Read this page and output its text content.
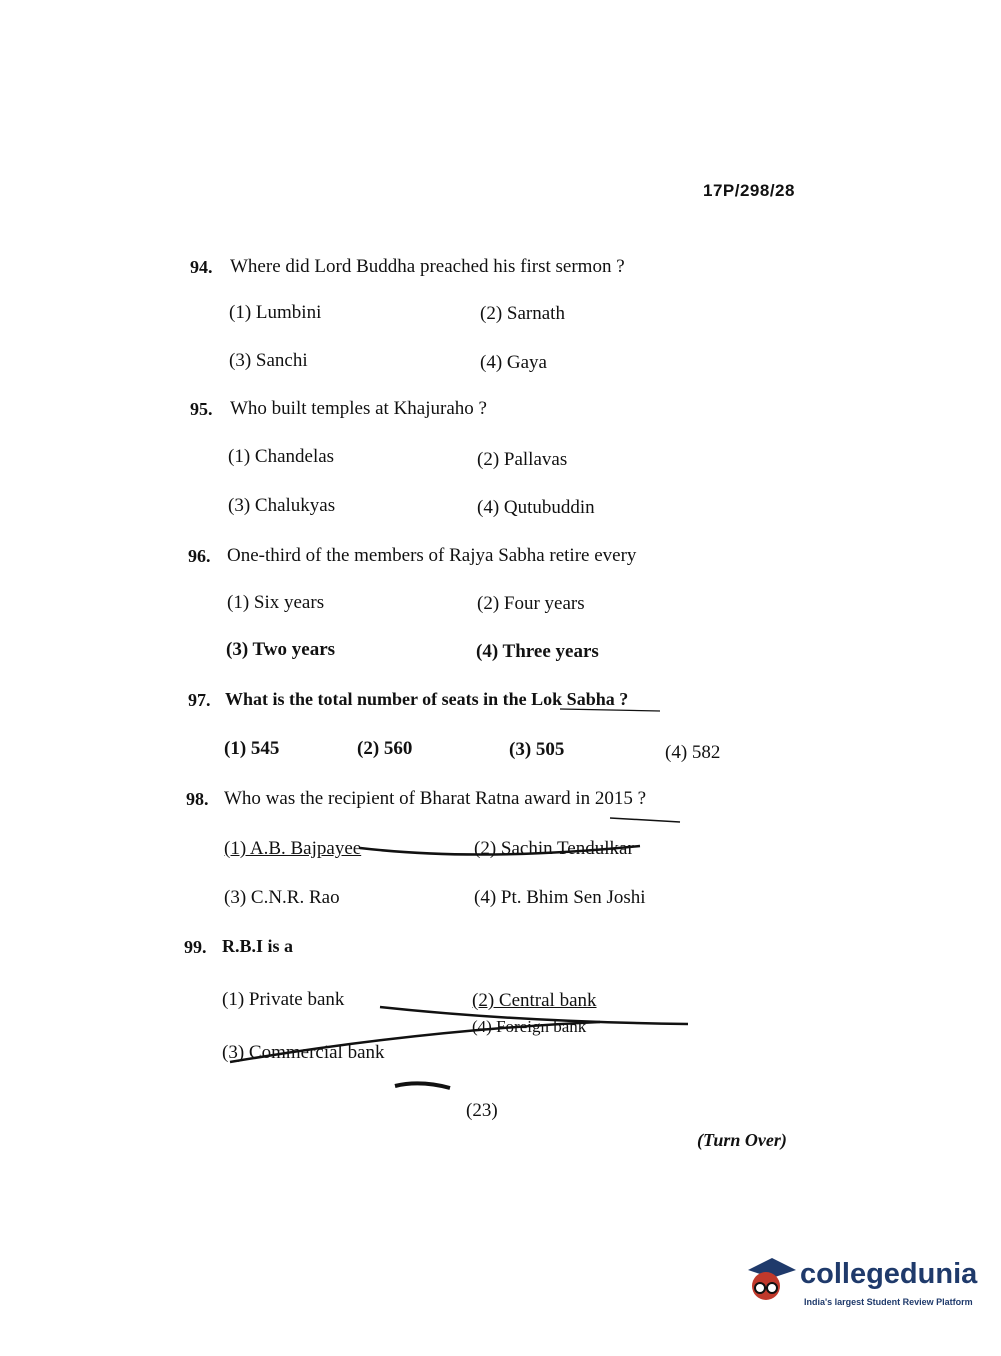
17P/298/28
94. Where did Lord Buddha preached his first sermon ?
(1) Lumbini	(2) Sarnath
(3) Sanchi	(4) Gaya
95. Who built temples at Khajuraho ?
(1) Chandelas	(2) Pallavas
(3) Chalukyas	(4) Qutubuddin
96. One-third of the members of Rajya Sabha retire every
(1) Six years	(2) Four years
(3) Two years	(4) Three years
97. What is the total number of seats in the Lok Sabha ?
(1) 545	(2) 560	(3) 505	(4) 582
98. Who was the recipient of Bharat Ratna award in 2015 ?
(1) A.B. Bajpayee	(2) Sachin Tendulkar
(3) C.N.R. Rao	(4) Pt. Bhim Sen Joshi
99. R.B.I is a
(1) Private bank	(2) Central bank
(3) Commercial bank
(4) Foreign bank
(23)
(Turn Over)
collegedunia
India's largest Student Review Platform
